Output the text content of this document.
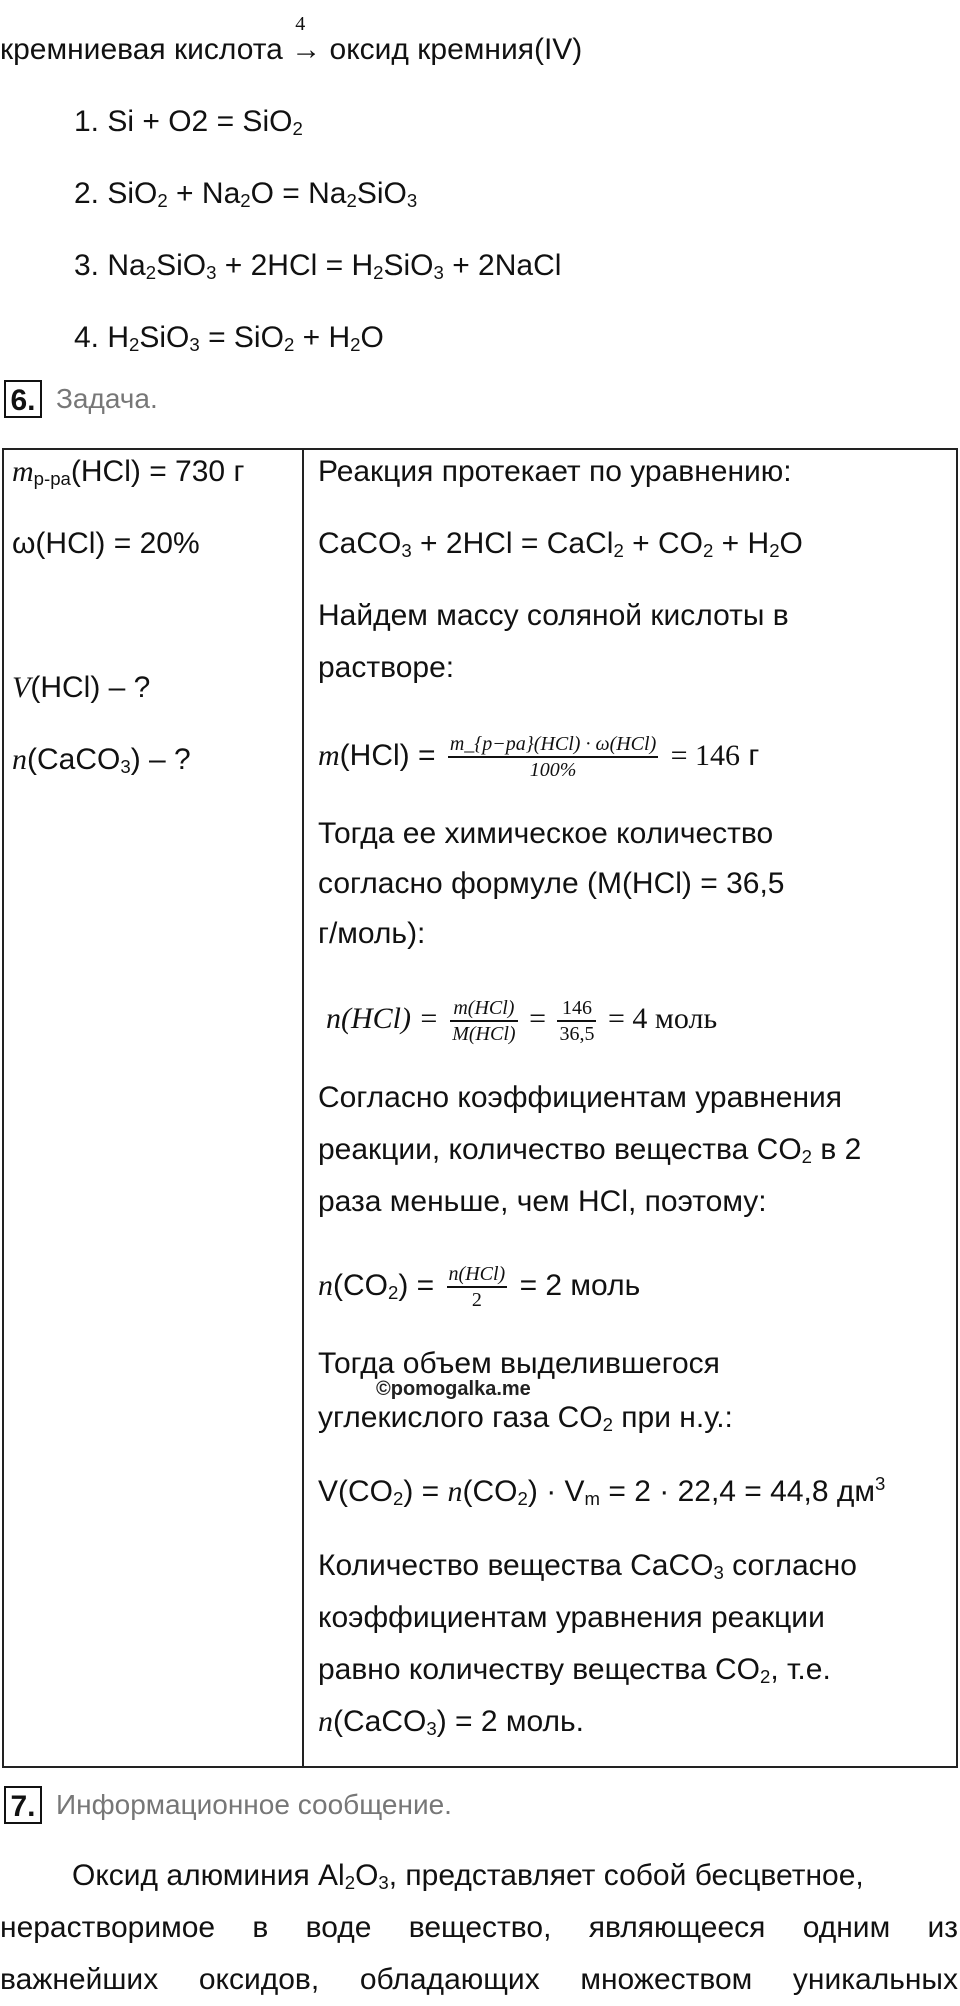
кремниевая кислота
4
→ оксид кремния(IV)
1. Si + O2 = SiO$_2$
2. $SiO_2 + Na_2O = Na_2SiO_3$
3. $Na_2SiO_3 + 2HCl = H_2SiO_3$ + 2NaCl
4. $H_2SiO_3 = SiO_2 + H_2O$
6. Задача.
$m_{р-ра}(HCl) = 730$ г
ω(HCl) = 20%
V(HCl) – ?
n(CaCO$_3$) – ?
Реакция протекает по уравнению:
CaCO$_3$ + 2HCl = CaCl$_2$ + $CO_2 + H_2O$
Найдем массу соляной кислоты в
растворе:
$m(HCl) = \frac{\text{m\_\{p−pa\}(HCl) · ω(HCl)}}{100\%} = 146$ г
Тогда ее химическое количество
согласно формуле (M(HCl) = 36,5
г/моль):
$n(HCl) = \frac{\text{m(HCl)}}{\text{M(HCl)}} = \frac{146}{36,5} = 4$ моль
Согласно коэффициентам уравнения
реакции, количество вещества $CO_2$ в 2
раза меньше, чем HCl, поэтому:
$n(CO_2) = \frac{\text{n(HCl)}}{2} = 2$ моль
Тогда объем выделившегося
©pomogalka.me
углекислого газа $CO_2$ при н.у.:
$V(CO_2) = n(CO_2) \cdot V_m = 2 \cdot 22,4 = 44,8$ $дм^3$
Количество вещества CaCO$_3$ согласно
коэффициентам уравнения реакции
равно количеству вещества $CO_2$, т.е.
n(CaCO$_3$) = 2 моль.
7. Информационное сообщение.
Оксид алюминия $Al_2O_3$, представляет собой бесцветное,
нерастворимое в воде вещество, являющееся одним из
важнейших оксидов, обладающих множеством уникальных
